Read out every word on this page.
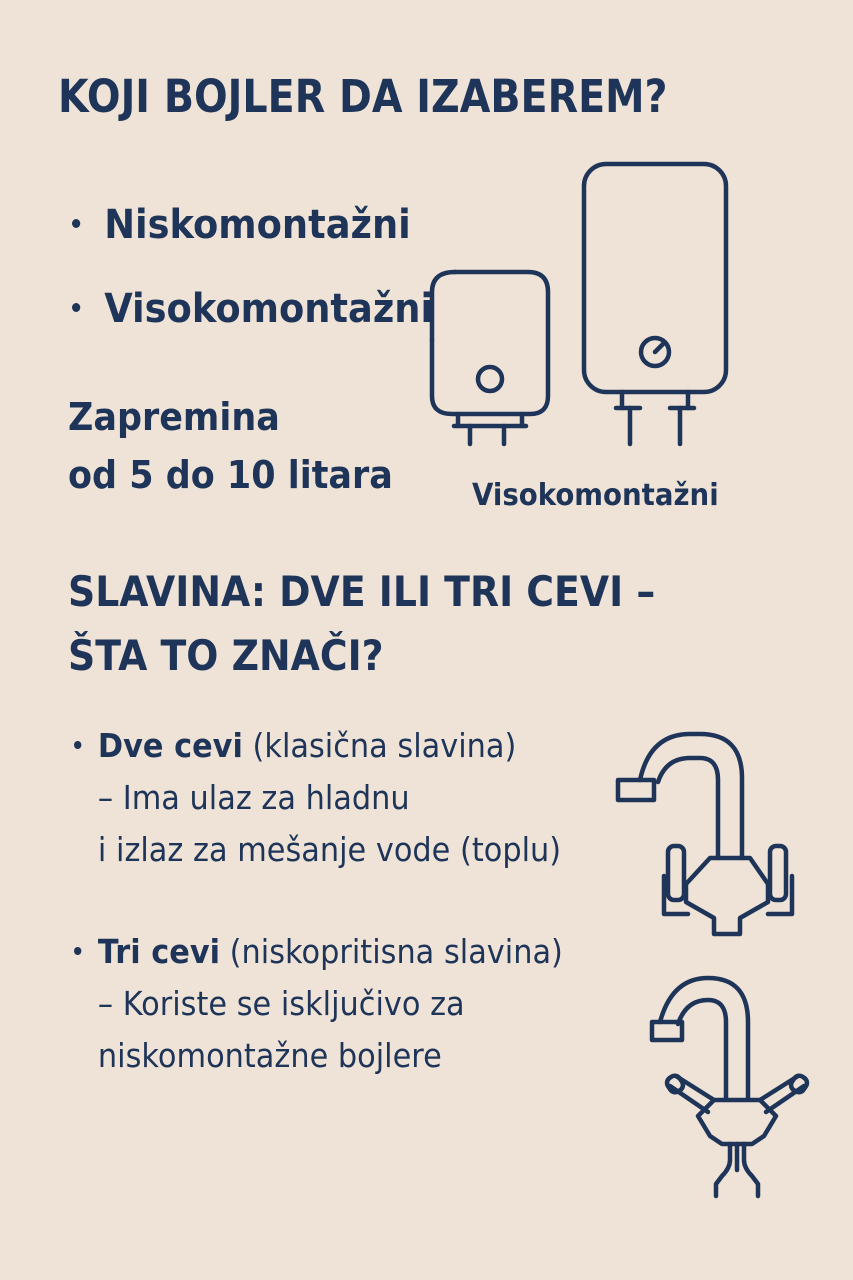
KOJI BOJLER DA IZABEREM?
Niskomontažni
Visokomontažni
Zapremina
od 5 do 10 litara	Visokomontažni
SLAVINA: DVE ILI TRI CEVI –
ŠTA TO ZNAČI?
Dve cevi (klasična slavina)
– Ima ulaz za hladnu
i izlaz za mešanje vode (toplu)
Tri cevi (niskopritisna slavina)
– Koriste se isključivo za
niskomontažne bojlere
